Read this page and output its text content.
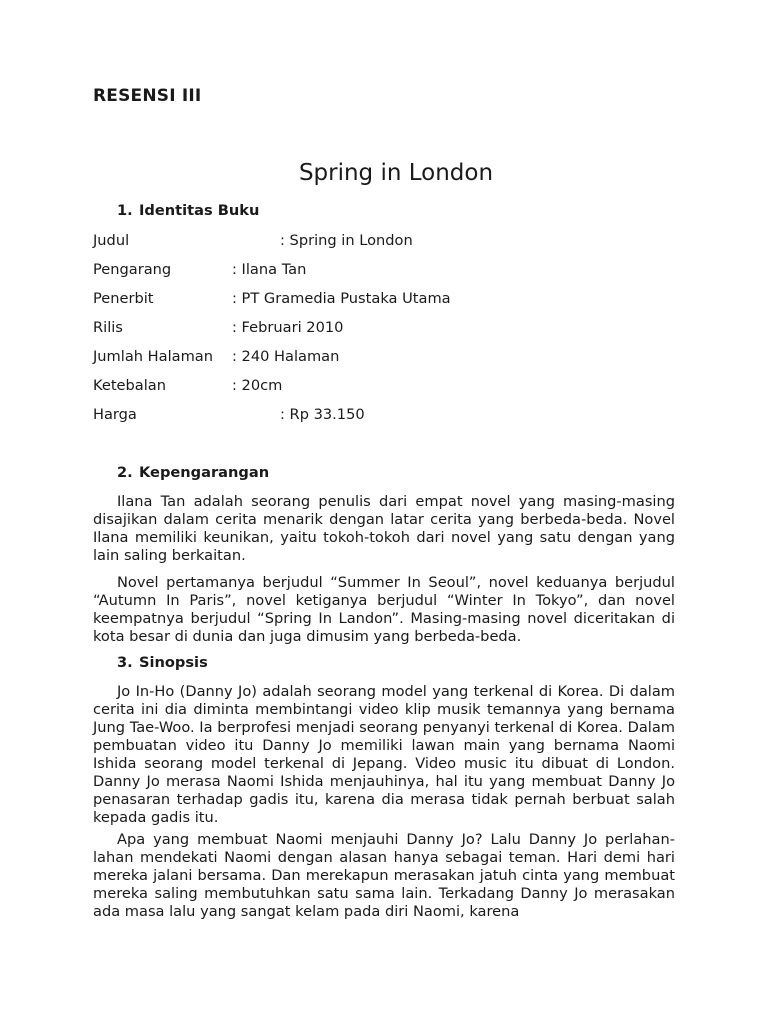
RESENSI III
Spring in London
1. Identitas Buku
Judul	: Spring in London
Pengarang	: Ilana Tan
Penerbit	: PT Gramedia Pustaka Utama
Rilis	: Februari 2010
Jumlah Halaman : 240 Halaman
Ketebalan	: 20cm
Harga	: Rp 33.150
2. Kepengarangan

Ilana Tan adalah seorang penulis dari empat novel yang masing-masing disajikan dalam cerita menarik dengan latar cerita yang berbeda-beda. Novel Ilana memiliki keunikan, yaitu tokoh-tokoh dari novel yang satu dengan yang lain saling berkaitan.

Novel pertamanya berjudul “Summer In Seoul”, novel keduanya berjudul “Autumn In Paris”, novel ketiganya berjudul “Winter In Tokyo”, dan novel keempatnya berjudul “Spring In Landon”. Masing-masing novel diceritakan di kota besar di dunia dan juga dimusim yang berbeda-beda.

3. Sinopsis

Jo In-Ho (Danny Jo) adalah seorang model yang terkenal di Korea. Di dalam cerita ini dia diminta membintangi video klip musik temannya yang bernama Jung Tae-Woo. Ia berprofesi menjadi seorang penyanyi terkenal di Korea. Dalam pembuatan video itu Danny Jo memiliki lawan main yang bernama Naomi Ishida seorang model terkenal di Jepang. Video music itu dibuat di London. Danny Jo merasa Naomi Ishida menjauhinya, hal itu yang membuat Danny Jo penasaran terhadap gadis itu, karena dia merasa tidak pernah berbuat salah kepada gadis itu.

Apa yang membuat Naomi menjauhi Danny Jo? Lalu Danny Jo perlahan-lahan mendekati Naomi dengan alasan hanya sebagai teman. Hari demi hari mereka jalani bersama. Dan merekapun merasakan jatuh cinta yang membuat mereka saling membutuhkan satu sama lain. Terkadang Danny Jo merasakan ada masa lalu yang sangat kelam pada diri Naomi, karena
